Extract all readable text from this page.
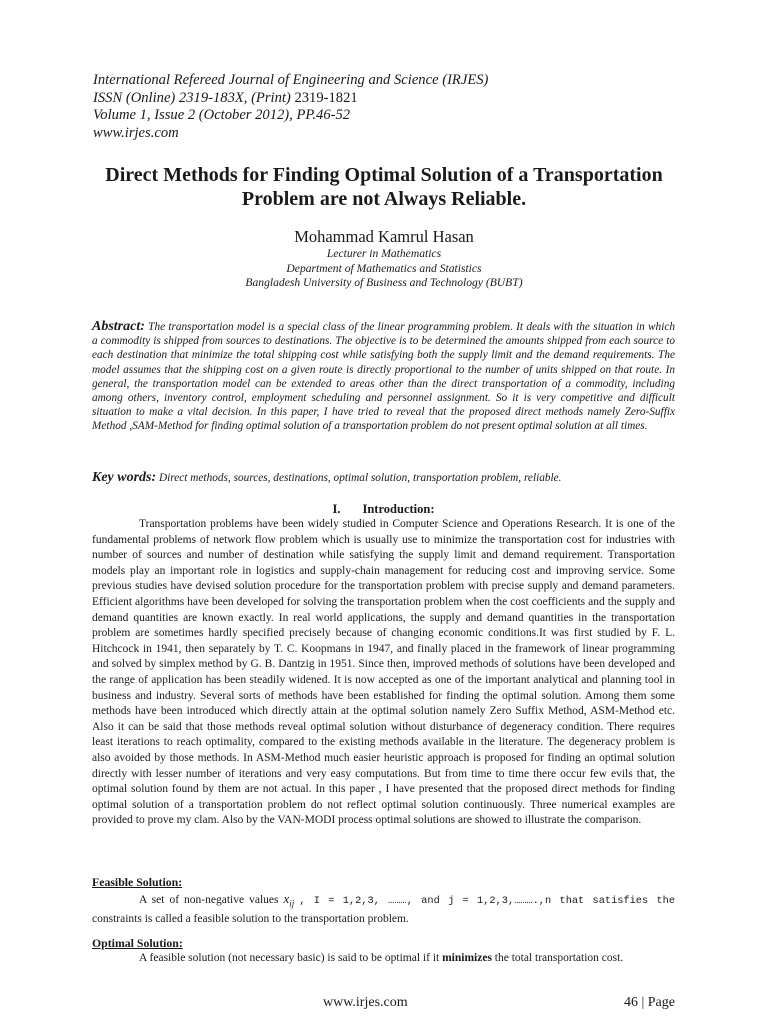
International Refereed Journal of Engineering and Science (IRJES)
ISSN (Online) 2319-183X, (Print) 2319-1821
Volume 1, Issue 2 (October 2012), PP.46-52
www.irjes.com
Direct Methods for Finding Optimal Solution of a Transportation
Problem are not Always Reliable.
Mohammad Kamrul Hasan
Lecturer in Mathematics
Department of Mathematics and Statistics
Bangladesh University of Business and Technology (BUBT)
Abstract: The transportation model is a special class of the linear programming problem. It deals with the situation in which a commodity is shipped from sources to destinations. The objective is to be determined the amounts shipped from each source to each destination that minimize the total shipping cost while satisfying both the supply limit and the demand requirements. The model assumes that the shipping cost on a given route is directly proportional to the number of units shipped on that route. In general, the transportation model can be extended to areas other than the direct transportation of a commodity, including among others, inventory control, employment scheduling and personnel assignment. So it is very competitive and difficult situation to make a vital decision. In this paper, I have tried to reveal that the proposed direct methods namely Zero-Suffix Method ,SAM-Method for finding optimal solution of a transportation problem do not present optimal solution at all times.
Key words: Direct methods, sources, destinations, optimal solution, transportation problem, reliable.
I. Introduction:
Transportation problems have been widely studied in Computer Science and Operations Research. It is one of the fundamental problems of network flow problem which is usually use to minimize the transportation cost for industries with number of sources and number of destination while satisfying the supply limit and demand requirement. Transportation models play an important role in logistics and supply-chain management for reducing cost and improving service. Some previous studies have devised solution procedure for the transportation problem with precise supply and demand parameters. Efficient algorithms have been developed for solving the transportation problem when the cost coefficients and the supply and demand quantities are known exactly. In real world applications, the supply and demand quantities in the transportation problem are sometimes hardly specified precisely because of changing economic conditions.It was first studied by F. L. Hitchcock in 1941, then separately by T. C. Koopmans in 1947, and finally placed in the framework of linear programming and solved by simplex method by G. B. Dantzig in 1951. Since then, improved methods of solutions have been developed and the range of application has been steadily widened. It is now accepted as one of the important analytical and planning tool in business and industry. Several sorts of methods have been established for finding the optimal solution. Among them some methods have been introduced which directly attain at the optimal solution namely Zero Suffix Method, ASM-Method etc. Also it can be said that those methods reveal optimal solution without disturbance of degeneracy condition. There requires least iterations to reach optimality, compared to the existing methods available in the literature. The degeneracy problem is also avoided by those methods. In ASM-Method much easier heuristic approach is proposed for finding an optimal solution directly with lesser number of iterations and very easy computations. But from time to time there occur few evils that, the optimal solution found by them are not actual. In this paper , I have presented that the proposed direct methods for finding optimal solution of a transportation problem do not reflect optimal solution continuously. Three numerical examples are provided to prove my clam. Also by the VAN-MODI process optimal solutions are showed to illustrate the comparison.
Feasible Solution:
A set of non-negative values $x_{ij}$ , I = 1,2,3, ………, and j = 1,2,3,……….,n that satisfies the constraints is called a feasible solution to the transportation problem.
Optimal Solution:
A feasible solution (not necessary basic) is said to be optimal if it minimizes the total transportation cost.
www.irjes.com	46 | Page
